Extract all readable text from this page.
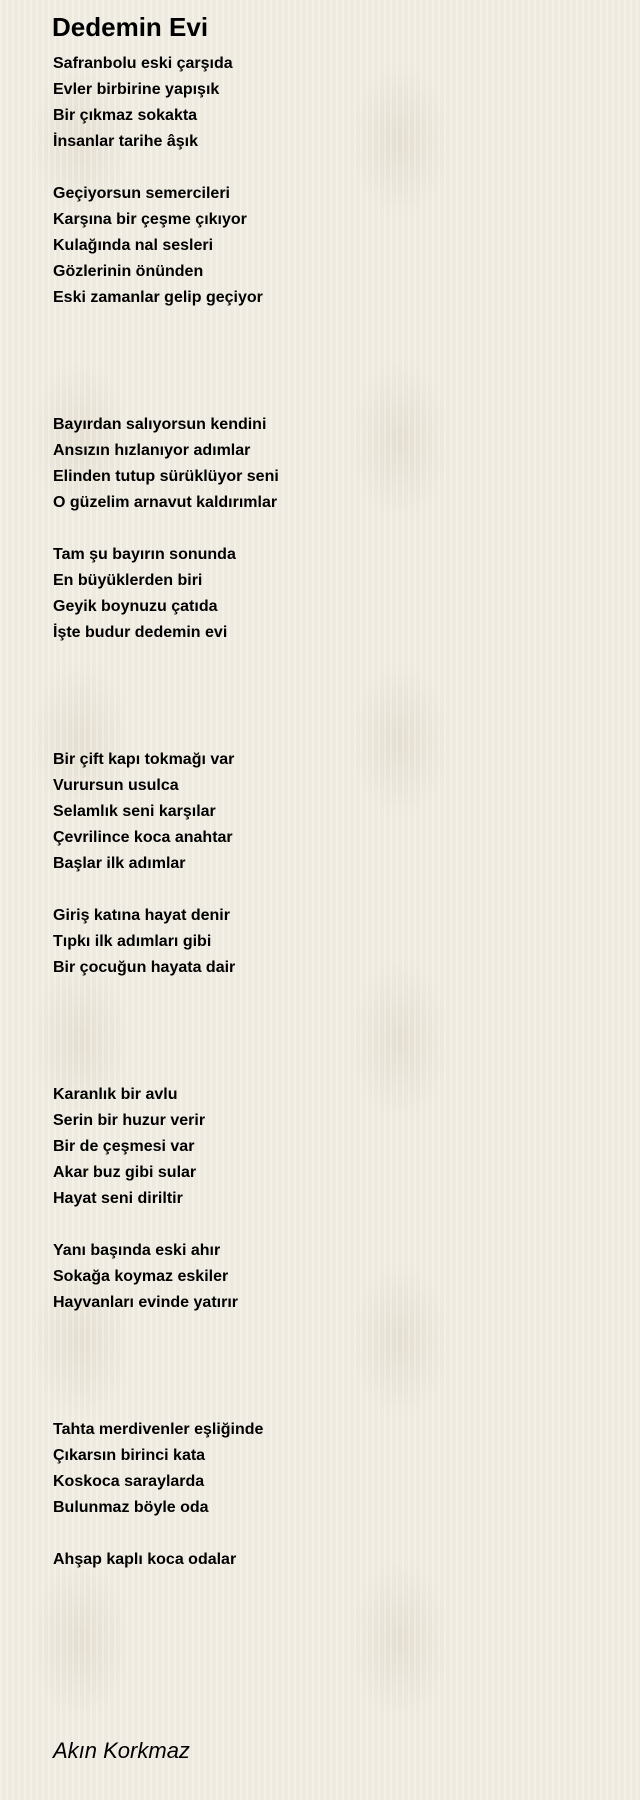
Dedemin Evi
Safranbolu eski çarşıda
Evler birbirine yapışık
Bir çıkmaz sokakta
İnsanlar tarihe âşık
Geçiyorsun semercileri
Karşına bir çeşme çıkıyor
Kulağında nal sesleri
Gözlerinin önünden
Eski zamanlar gelip geçiyor
Bayırdan salıyorsun kendini
Ansızın hızlanıyor adımlar
Elinden tutup sürüklüyor seni
O güzelim arnavut kaldırımlar
Tam şu bayırın sonunda
En büyüklerden biri
Geyik boynuzu çatıda
İşte budur dedemin evi
Bir çift kapı tokmağı var
Vurursun usulca
Selamlık seni karşılar
Çevrilince koca anahtar
Başlar ilk adımlar
Giriş katına hayat denir
Tıpkı ilk adımları gibi
Bir çocuğun hayata dair
Karanlık bir avlu
Serin bir huzur verir
Bir de çeşmesi var
Akar buz gibi sular
Hayat seni diriltir
Yanı başında eski ahır
Sokağa koymaz eskiler
Hayvanları evinde yatırır
Tahta merdivenler eşliğinde
Çıkarsın birinci kata
Koskoca saraylarda
Bulunmaz böyle oda
Ahşap kaplı koca odalar
Akın Korkmaz
